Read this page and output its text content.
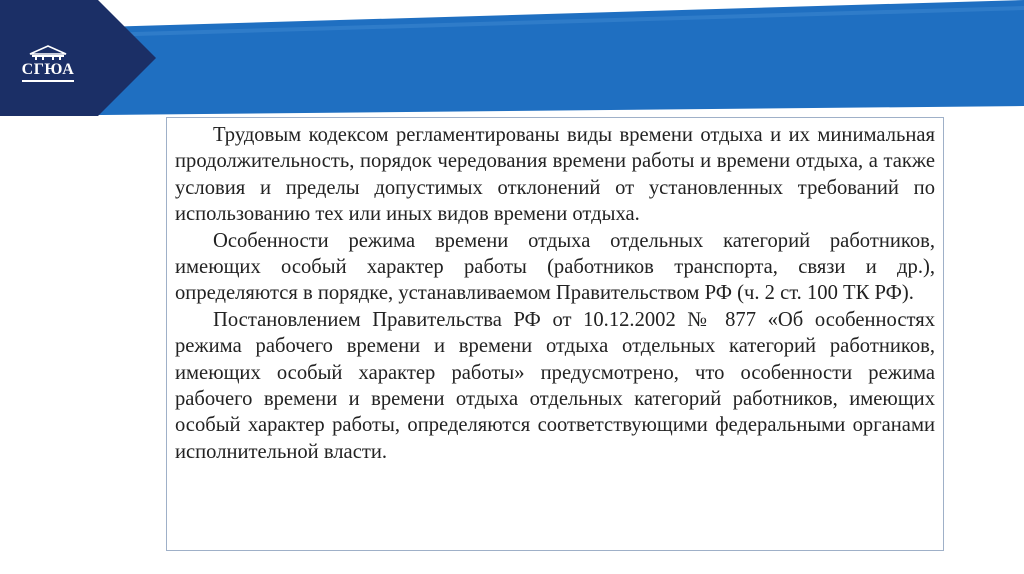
СГЮА

Трудовым кодексом регламентированы виды времени отдыха и их минимальная продолжительность, порядок чередования времени работы и времени отдыха, а также условия и пределы допустимых отклонений от установленных требований по использованию тех или иных видов времени отдыха.

Особенности режима времени отдыха отдельных категорий работников, имеющих особый характер работы (работников транспорта, связи и др.), определяются в порядке, устанавливаемом Правительством РФ (ч. 2 ст. 100 ТК РФ).

Постановлением Правительства РФ от 10.12.2002 № 877 «Об особенностях режима рабочего времени и времени отдыха отдельных категорий работников, имеющих особый характер работы» предусмотрено, что особенности режима рабочего времени и времени отдыха отдельных категорий работников, имеющих особый характер работы, определяются соответствующими федеральными органами исполнительной власти.
